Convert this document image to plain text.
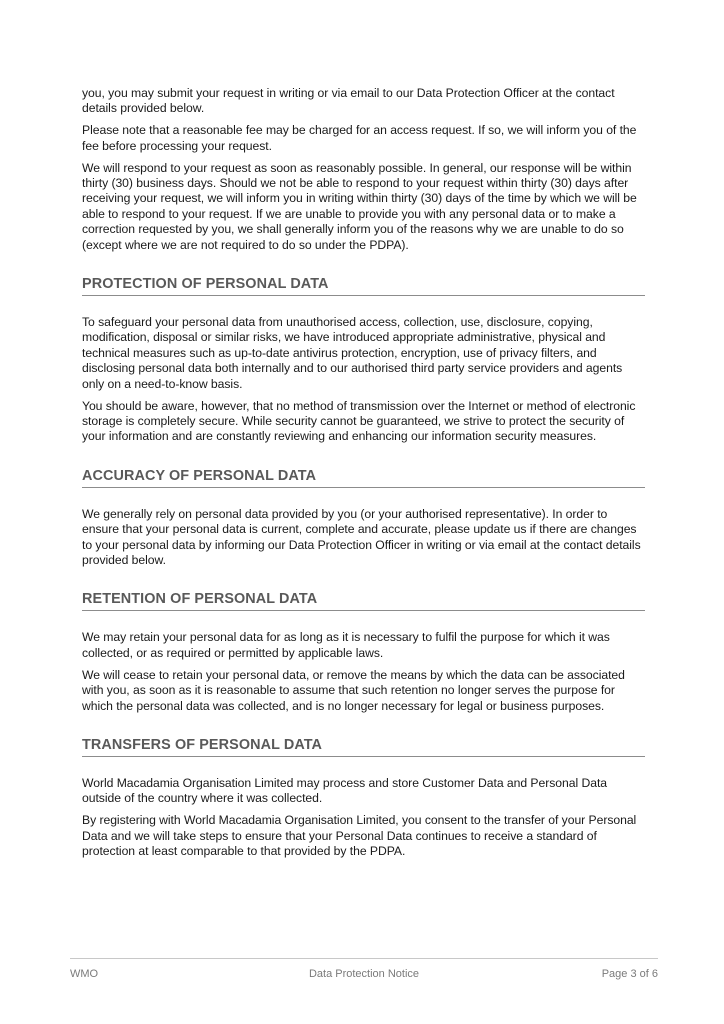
you, you may submit your request in writing or via email to our Data Protection Officer at the contact details provided below.

Please note that a reasonable fee may be charged for an access request. If so, we will inform you of the fee before processing your request.

We will respond to your request as soon as reasonably possible. In general, our response will be within thirty (30) business days. Should we not be able to respond to your request within thirty (30) days after receiving your request, we will inform you in writing within thirty (30) days of the time by which we will be able to respond to your request. If we are unable to provide you with any personal data or to make a correction requested by you, we shall generally inform you of the reasons why we are unable to do so (except where we are not required to do so under the PDPA).

PROTECTION OF PERSONAL DATA

To safeguard your personal data from unauthorised access, collection, use, disclosure, copying, modification, disposal or similar risks, we have introduced appropriate administrative, physical and technical measures such as up-to-date antivirus protection, encryption, use of privacy filters, and disclosing personal data both internally and to our authorised third party service providers and agents only on a need-to-know basis.

You should be aware, however, that no method of transmission over the Internet or method of electronic storage is completely secure. While security cannot be guaranteed, we strive to protect the security of your information and are constantly reviewing and enhancing our information security measures.

ACCURACY OF PERSONAL DATA

We generally rely on personal data provided by you (or your authorised representative). In order to ensure that your personal data is current, complete and accurate, please update us if there are changes to your personal data by informing our Data Protection Officer in writing or via email at the contact details provided below.

RETENTION OF PERSONAL DATA

We may retain your personal data for as long as it is necessary to fulfil the purpose for which it was collected, or as required or permitted by applicable laws.

We will cease to retain your personal data, or remove the means by which the data can be associated with you, as soon as it is reasonable to assume that such retention no longer serves the purpose for which the personal data was collected, and is no longer necessary for legal or business purposes.

TRANSFERS OF PERSONAL DATA

World Macadamia Organisation Limited may process and store Customer Data and Personal Data outside of the country where it was collected.

By registering with World Macadamia Organisation Limited, you consent to the transfer of your Personal Data and we will take steps to ensure that your Personal Data continues to receive a standard of protection at least comparable to that provided by the PDPA.

WMO	Data Protection Notice	Page 3 of 6
